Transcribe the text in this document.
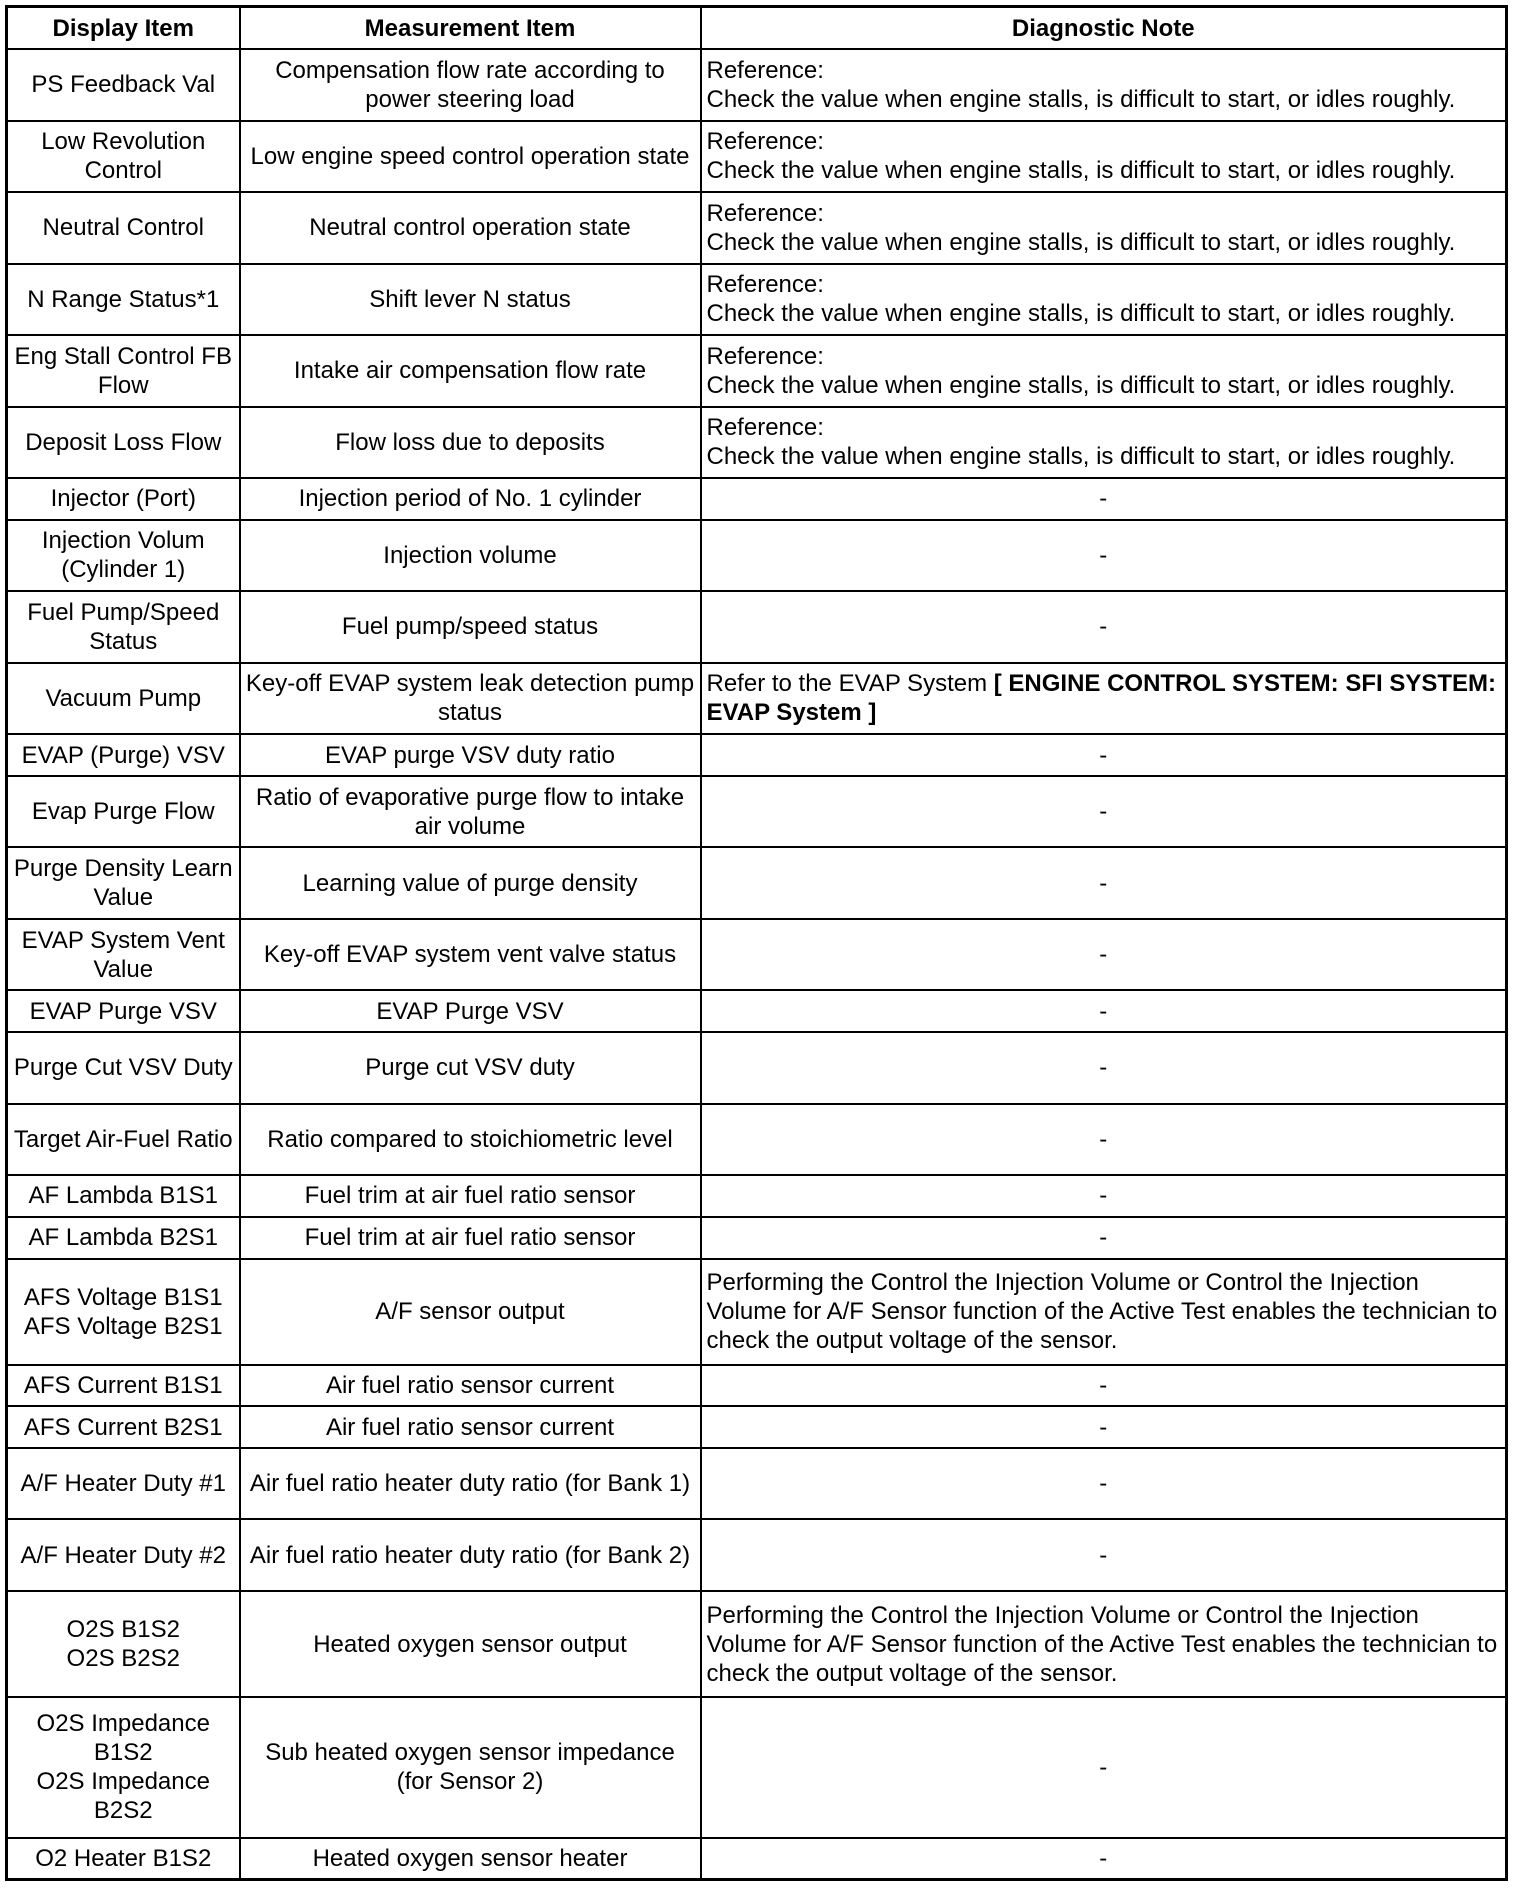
Display Item	Measurement Item	Diagnostic Note

PS Feedback Val	Compensation flow rate according to power steering load	Reference:
Check the value when engine stalls, is difficult to start, or idles roughly.

Low Revolution Control	Low engine speed control operation state	Reference:
Check the value when engine stalls, is difficult to start, or idles roughly.

Neutral Control	Neutral control operation state	Reference:
Check the value when engine stalls, is difficult to start, or idles roughly.

N Range Status*1	Shift lever N status	Reference:
Check the value when engine stalls, is difficult to start, or idles roughly.

Eng Stall Control FB Flow	Intake air compensation flow rate	Reference:
Check the value when engine stalls, is difficult to start, or idles roughly.

Deposit Loss Flow	Flow loss due to deposits	Reference:
Check the value when engine stalls, is difficult to start, or idles roughly.

Injector (Port)	Injection period of No. 1 cylinder	-

Injection Volum (Cylinder 1)	Injection volume	-

Fuel Pump/Speed Status	Fuel pump/speed status	-

Vacuum Pump	Key-off EVAP system leak detection pump status	Refer to the EVAP System [ ENGINE CONTROL SYSTEM: SFI SYSTEM: EVAP System ]

EVAP (Purge) VSV	EVAP purge VSV duty ratio	-

Evap Purge Flow	Ratio of evaporative purge flow to intake air volume	-

Purge Density Learn Value	Learning value of purge density	-

EVAP System Vent Value	Key-off EVAP system vent valve status	-

EVAP Purge VSV	EVAP Purge VSV	-

Purge Cut VSV Duty	Purge cut VSV duty	-

Target Air-Fuel Ratio	Ratio compared to stoichiometric level	-

AF Lambda B1S1	Fuel trim at air fuel ratio sensor	-

AF Lambda B2S1	Fuel trim at air fuel ratio sensor	-

AFS Voltage B1S1
AFS Voltage B2S1	A/F sensor output	Performing the Control the Injection Volume or Control the Injection Volume for A/F Sensor function of the Active Test enables the technician to check the output voltage of the sensor.

AFS Current B1S1	Air fuel ratio sensor current	-

AFS Current B2S1	Air fuel ratio sensor current	-

A/F Heater Duty #1	Air fuel ratio heater duty ratio (for Bank 1)	-

A/F Heater Duty #2	Air fuel ratio heater duty ratio (for Bank 2)	-

O2S B1S2
O2S B2S2	Heated oxygen sensor output	Performing the Control the Injection Volume or Control the Injection Volume for A/F Sensor function of the Active Test enables the technician to check the output voltage of the sensor.

O2S Impedance B1S2
O2S Impedance B2S2	Sub heated oxygen sensor impedance (for Sensor 2)	-

O2 Heater B1S2	Heated oxygen sensor heater	-
